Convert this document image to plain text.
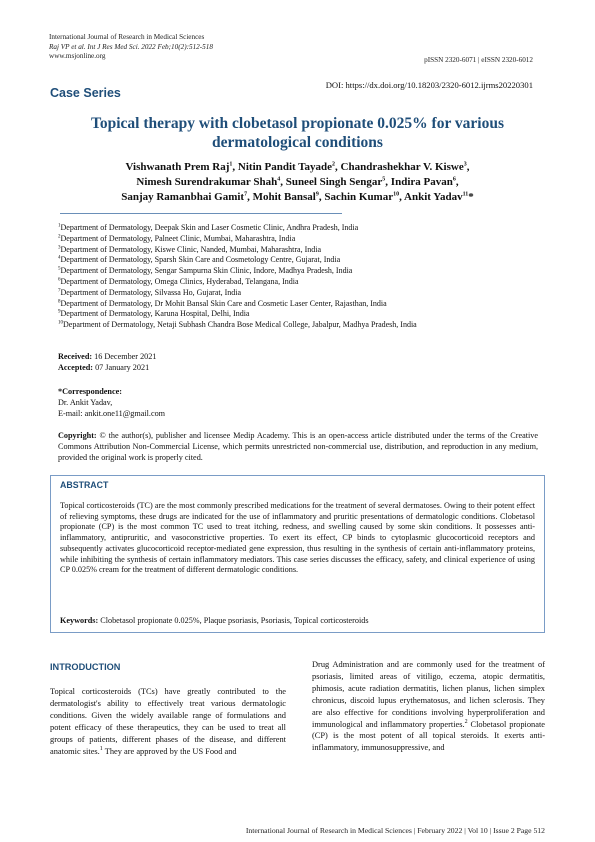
International Journal of Research in Medical Sciences
Raj VP et al. Int J Res Med Sci. 2022 Feb;10(2):512-518
www.msjonline.org	pISSN 2320-6071 | eISSN 2320-6012
DOI: https://dx.doi.org/10.18203/2320-6012.ijrms20220301
Case Series
Topical therapy with clobetasol propionate 0.025% for various
dermatological conditions
Vishwanath Prem Raj$^1$, Nitin Pandit Tayade$^2$, Chandrashekhar V. Kiswe$^3$,
Nimesh Surendrakumar Shah$^4$, Suneel Singh Sengar$^5$, Indira Pavan$^6$,
Sanjay Ramanbhai Gamit$^7$, Mohit Bansal$^9$, Sachin Kumar$^{10}$, Ankit Yadav$^{11}$*
$^1$Department of Dermatology, Deepak Skin and Laser Cosmetic Clinic, Andhra Pradesh, India
$^2$Department of Dermatology, Palneet Clinic, Mumbai, Maharashtra, India
$^3$Department of Dermatology, Kiswe Clinic, Nanded, Mumbai, Maharashtra, India
$^4$Department of Dermatology, Sparsh Skin Care and Cosmetology Centre, Gujarat, India
$^5$Department of Dermatology, Sengar Sampurna Skin Clinic, Indore, Madhya Pradesh, India
$^6$Department of Dermatology, Omega Clinics, Hyderabad, Telangana, India
$^7$Department of Dermatology, Silvassa Ho, Gujarat, India
$^8$Department of Dermatology, Dr Mohit Bansal Skin Care and Cosmetic Laser Center, Rajasthan, India
$^9$Department of Dermatology, Karuna Hospital, Delhi, India
$^{10}$Department of Dermatology, Netaji Subhash Chandra Bose Medical College, Jabalpur, Madhya Pradesh, India
Received: 16 December 2021
Accepted: 07 January 2021
*Correspondence:
Dr. Ankit Yadav,
E-mail: ankit.one11@gmail.com
Copyright: © the author(s), publisher and licensee Medip Academy. This is an open-access article distributed under the terms of the Creative Commons Attribution Non-Commercial License, which permits unrestricted non-commercial use, distribution, and reproduction in any medium, provided the original work is properly cited.
ABSTRACT
Topical corticosteroids (TC) are the most commonly prescribed medications for the treatment of several dermatoses. Owing to their potent effect of relieving symptoms, these drugs are indicated for the use of inflammatory and pruritic presentations of dermatologic conditions. Clobetasol propionate (CP) is the most common TC used to treat itching, redness, and swelling caused by some skin conditions. It possesses anti-inflammatory, antipruritic, and vasoconstrictive properties. To exert its effect, CP binds to cytoplasmic glucocorticoid receptors and subsequently activates glucocorticoid receptor-mediated gene expression, thus resulting in the synthesis of certain anti-inflammatory proteins, while inhibiting the synthesis of certain inflammatory mediators. This case series discusses the efficacy, safety, and clinical experience of using CP 0.025% cream for the treatment of different dermatologic conditions.
Keywords: Clobetasol propionate 0.025%, Plaque psoriasis, Psoriasis, Topical corticosteroids
INTRODUCTION
Topical corticosteroids (TCs) have greatly contributed to the dermatologist's ability to effectively treat various dermatologic conditions. Given the widely available range of formulations and potent efficacy of these therapeutics, they can be used to treat all groups of patients, different phases of the disease, and different anatomic sites.$^1$ They are approved by the US Food and
Drug Administration and are commonly used for the treatment of psoriasis, limited areas of vitiligo, eczema, atopic dermatitis, phimosis, acute radiation dermatitis, lichen planus, lichen simplex chronicus, discoid lupus erythematosus, and lichen sclerosis. They are also effective for conditions involving hyperproliferation and immunological and inflammatory properties.$^2$ Clobetasol propionate (CP) is the most potent of all topical steroids. It exerts anti-inflammatory, immunosuppressive, and
International Journal of Research in Medical Sciences | February 2022 | Vol 10 | Issue 2 Page 512
